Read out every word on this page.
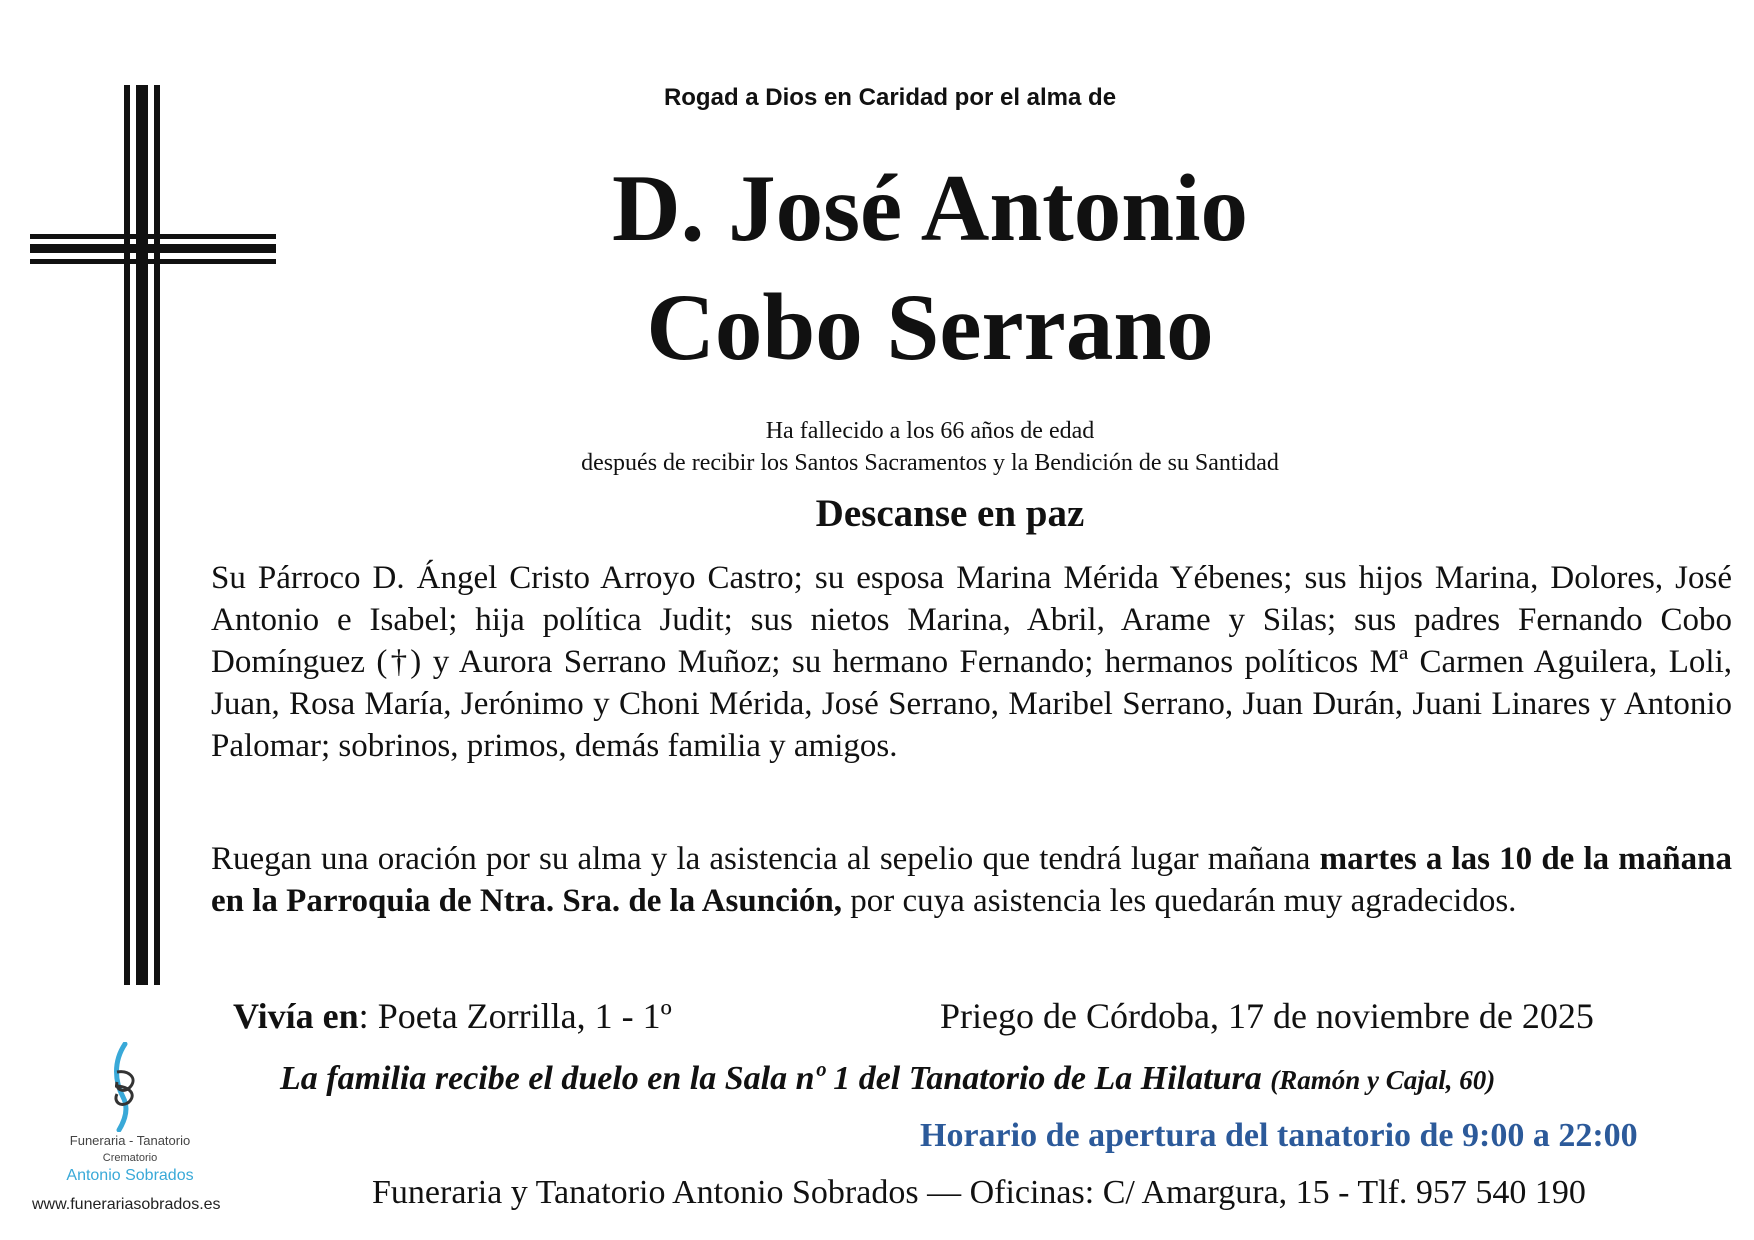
Rogad a Dios en Caridad por el alma de
D. José Antonio
Cobo Serrano
Ha fallecido a los 66 años de edad
después de recibir los Santos Sacramentos y la Bendición de su Santidad
Descanse en paz
Su Párroco D. Ángel Cristo Arroyo Castro; su esposa Marina Mérida Yébenes; sus hijos Marina, Dolores, José Antonio e Isabel; hija política Judit; sus nietos Marina, Abril, Arame y Silas; sus padres Fernando Cobo Domínguez (†) y Aurora Serrano Muñoz; su hermano Fernando; hermanos políticos Mª Carmen Aguilera, Loli, Juan, Rosa María, Jerónimo y Choni Mérida, José Serrano, Maribel Serrano, Juan Durán, Juani Linares y Antonio Palomar; sobrinos, primos, demás familia y amigos.
Ruegan una oración por su alma y la asistencia al sepelio que tendrá lugar mañana martes a las 10 de la mañana en la Parroquia de Ntra. Sra. de la Asunción, por cuya asistencia les quedarán muy agradecidos.
Vivía en: Poeta Zorrilla, 1 - 1º	Priego de Córdoba, 17 de noviembre de 2025
La familia recibe el duelo en la Sala nº 1 del Tanatorio de La Hilatura (Ramón y Cajal, 60)
Horario de apertura del tanatorio de 9:00 a 22:00
Funeraria y Tanatorio Antonio Sobrados — Oficinas: C/ Amargura, 15 - Tlf. 957 540 190
Funeraria - Tanatorio
Crematorio
Antonio Sobrados
www.funerariasobrados.es
